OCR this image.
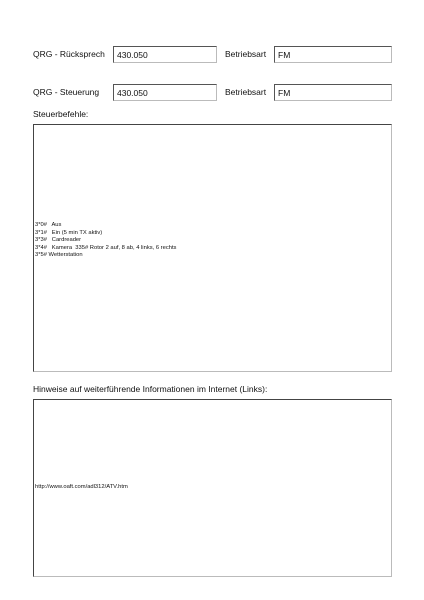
QRG - Rücksprech	430.050	Betriebsart	FM
QRG - Steuerung	430.050	Betriebsart	FM
Steuerbefehle:
3*0#   Aus
3*1#   Ein (5 min TX aktiv)
3*3#   Cardreader
3*4#   Kamera  335# Rotor 2 auf, 8 ab, 4 links, 6 rechts
3*5# Wetterstation
Hinweise auf weiterführende Informationen im Internet (Links):
http://www.oaft.com/adl312/ATV.htm
